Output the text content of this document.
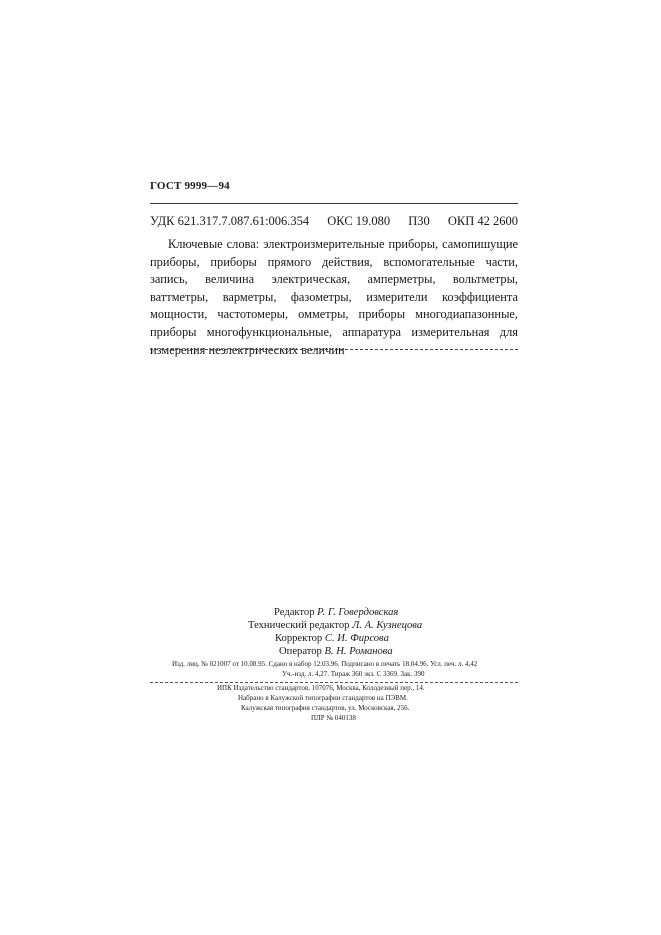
ГОСТ 9999—94
УДК 621.317.7.087.61:006.354 ОКС 19.080 П30 ОКП 42 2600
Ключевые слова: электроизмерительные приборы, самопишущие приборы, приборы прямого действия, вспомогательные части, запись, величина электрическая, амперметры, вольтметры, ваттметры, варметры, фазометры, измерители коэффициента мощности, частотомеры, омметры, приборы многодиапазонные, приборы многофункциональные, аппаратура измерительная для измерения неэлектрических величин
Редактор Р. Г. Говердовская
Технический редактор Л. А. Кузнецова
Корректор С. И. Фирсова
Оператор В. Н. Романова
Изд. лиц. № 021007 от 10.08.95. Сдано в набор 12.03.96. Подписано в печать 18.04.96. Усл. печ. л. 4,42
Уч.-изд. л. 4,27. Тираж 360 экз. С 3369. Зак. 390
ИПК Издательство стандартов, 107076, Москва, Колодезный пер., 14.
Набрано в Калужской типографии стандартов на ПЭВМ.
Калужская типография стандартов, ул. Московская, 256.
ПЛР № 040138
